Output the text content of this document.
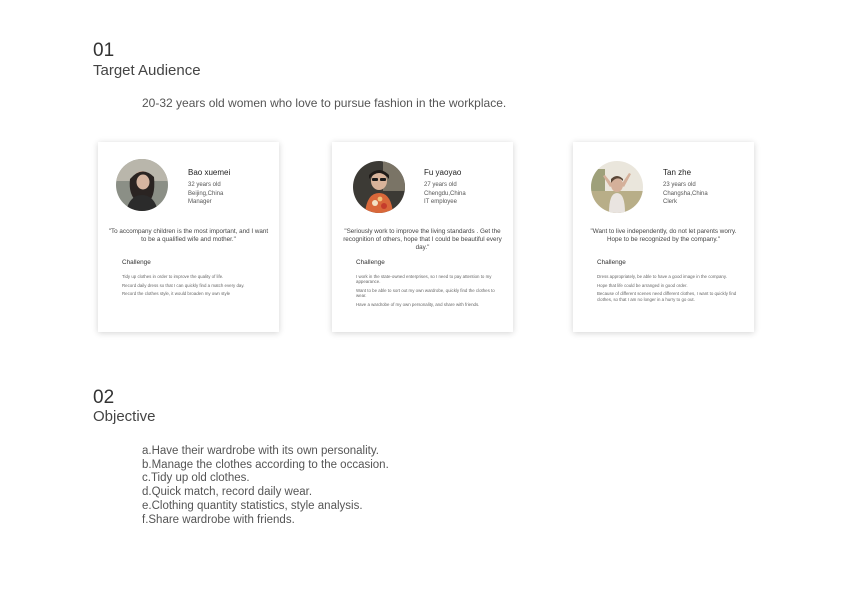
01
Target Audience
20-32 years old women who love to pursue fashion in the workplace.
Bao xuemei
32 years old
Beijing,China
Manager
"To accompany children is the most important, and I want to be a qualified wife and mother."
Challenge
Tidy up clothes in order to improve the quality of life.
Record daily dress so that I can quickly find a match every day.
Record the clothes style, it would broaden my own style
Fu yaoyao
27 years old
Chengdu,China
IT employee
"Seriously work to improve the living standards . Get the recognition of others, hope that I could be beautiful every day."
Challenge
I work in the state-owned enterprises, so I need to pay attention to my appearance.
Want to be able to sort out my own wardrobe, quickly find the clothes to wear.
Have a wardrobe of my own personality, and share with friends.
Tan zhe
23 years old
Changsha,China
Clerk
"Want to live independently, do not let parents worry. Hope to be recognized by the company."
Challenge
Dress appropriately, be able to have a good image in the company.
Hope that life could be arranged in good order.
Because of different scenes need different clothes, I want to quickly find clothes, so that I am no longer in a hurry to go out.
02
Objective
a.Have their wardrobe with its own personality.
b.Manage the clothes according to the occasion.
c.Tidy up old clothes.
d.Quick match, record daily wear.
e.Clothing quantity statistics, style analysis.
f.Share wardrobe with friends.
